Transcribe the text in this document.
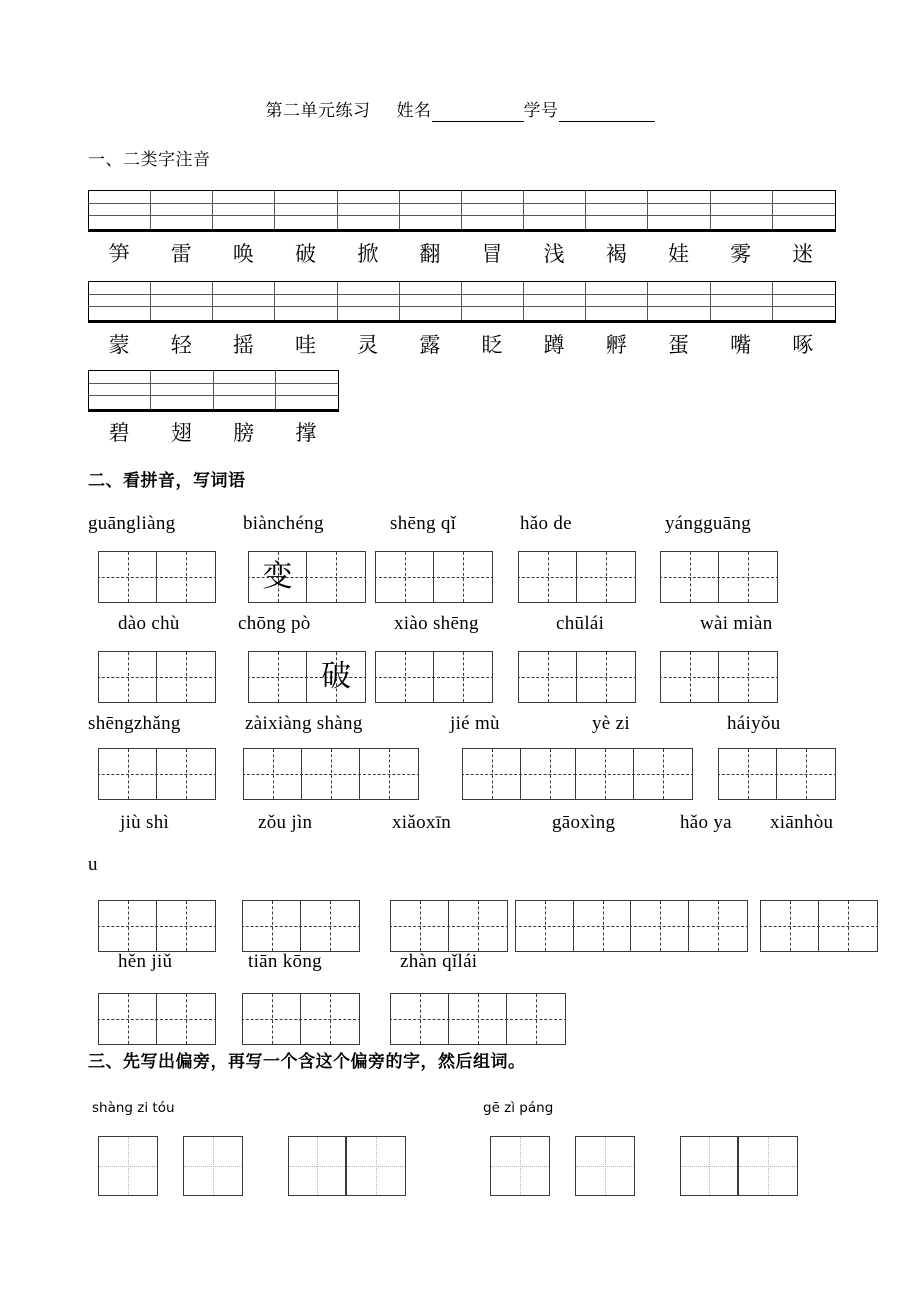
第二单元练习 姓名	学号
一、二类字注音
笋	雷	唤	破	掀	翻	冒	浅	褐	娃	雾	迷
蒙	轻	摇	哇	灵	露	眨	蹲	孵	蛋	嘴	啄
碧	翅	膀	撑
二、看拼音，写词语
guāngliàng	biànchéng	shēng qǐ	hǎo de	yángguāng
变
dào chù	chōng pò	xiào shēng	chūlái	wài miàn
破
shēngzhǎng	zàixiàng shàng	jié mù	yè zi	háiyǒu
jiù shì	zǒu jìn	xiǎoxīn	gāoxìng	hǎo ya xiānhòu
u
hěn jiǔ	tiān kōng	zhàn qǐlái
三、先写出偏旁，再写一个含这个偏旁的字，然后组词。
shàng zi tóu	gē zì páng
